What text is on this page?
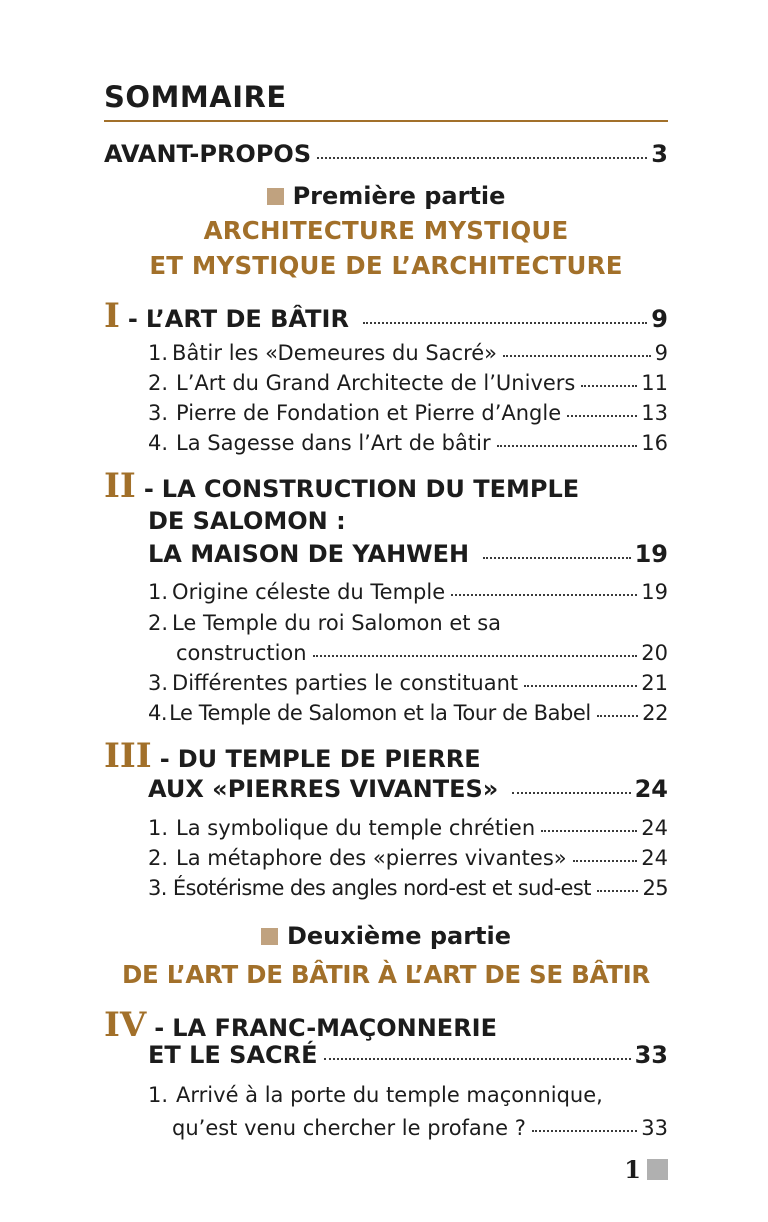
SOMMAIRE
AVANT-PROPOS	3
Première partie
ARCHITECTURE MYSTIQUE
ET MYSTIQUE DE L’ARCHITECTURE
I - L’ART DE BÂTIR	9
1. Bâtir les «Demeures du Sacré»	9
2. L’Art du Grand Architecte de l’Univers	11
3. Pierre de Fondation et Pierre d’Angle	13
4. La Sagesse dans l’Art de bâtir	16
II - LA CONSTRUCTION DU TEMPLE
DE SALOMON :
LA MAISON DE YAHWEH	19
1. Origine céleste du Temple	19
2. Le Temple du roi Salomon et sa
construction	20
3. Différentes parties le constituant	21
4. Le Temple de Salomon et la Tour de Babel 22
III - DU TEMPLE DE PIERRE
AUX «PIERRES VIVANTES»	24
1. La symbolique du temple chrétien	24
2. La métaphore des «pierres vivantes»	24
3. Ésotérisme des angles nord-est et sud-est 25
Deuxième partie
DE L’ART DE BÂTIR À L’ART DE SE BÂTIR
IV - LA FRANC-MAÇONNERIE
ET LE SACRÉ	33
1. Arrivé à la porte du temple maçonnique,
qu’est venu chercher le profane ?	33
1
